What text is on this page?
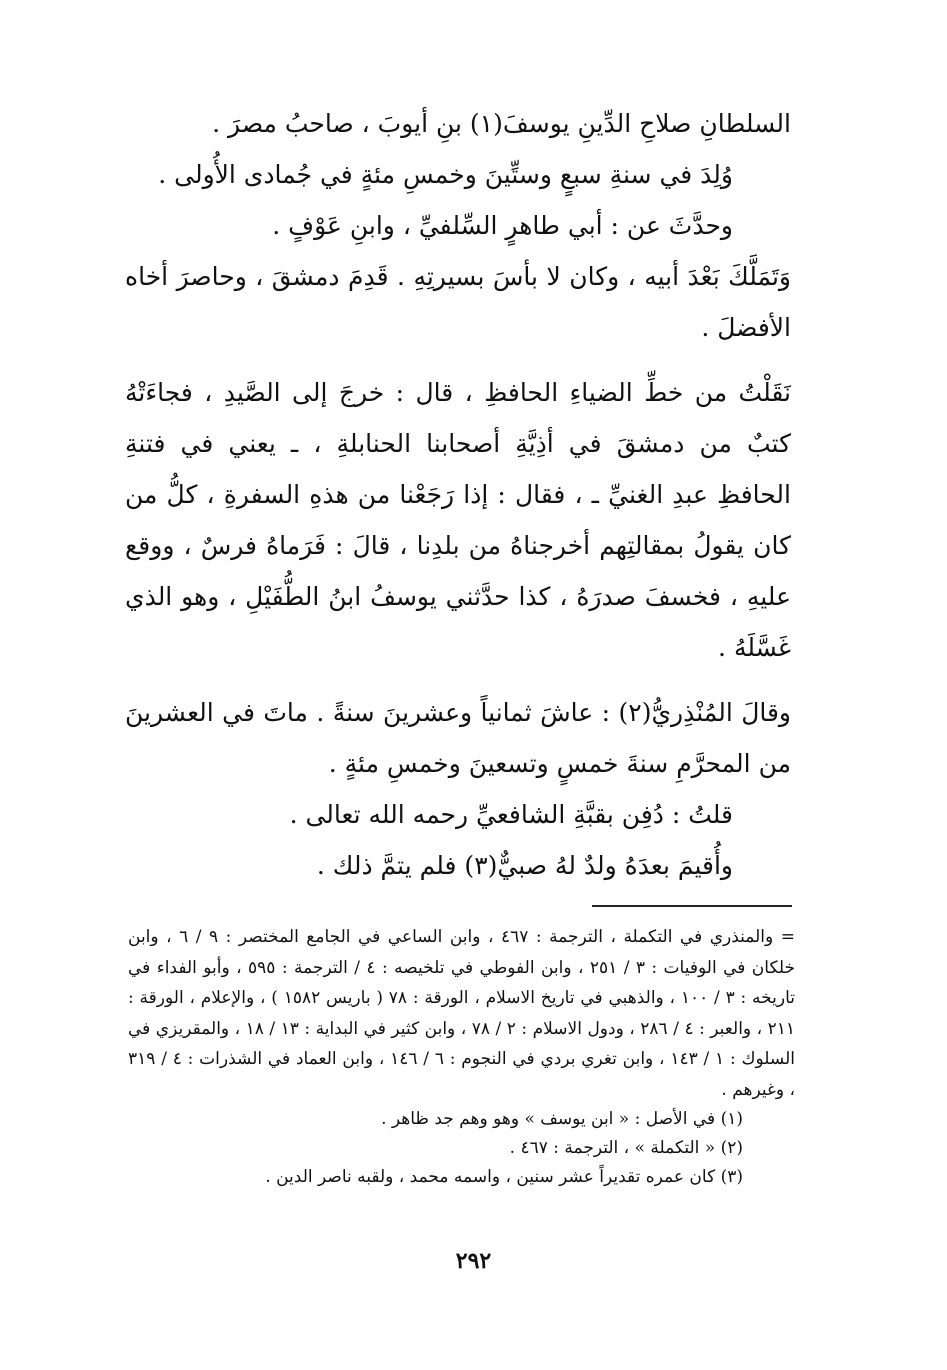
السلطانِ صلاحِ الدِّينِ يوسفَ(١) بنِ أيوبَ ، صاحبُ مصرَ .

وُلِدَ في سنةِ سبعٍ وستِّينَ وخمسِ مئةٍ في جُمادى الأُولى .

وحدَّثَ عن : أبي طاهرٍ السِّلفيِّ ، وابنِ عَوْفٍ .

وَتَمَلَّكَ بَعْدَ أبيه ، وكان لا بأسَ بسيرتِهِ . قَدِمَ دمشقَ ، وحاصرَ أخاه الأفضلَ .

نَقَلْتُ من خطِّ الضياءِ الحافظِ ، قال : خرجَ إلى الصَّيدِ ، فجاءَتْهُ كتبٌ من دمشقَ في أذِيَّةِ أصحابنا الحنابلةِ ، ـ يعني في فتنةِ الحافظِ عبدِ الغنيِّ ـ ، فقال : إذا رَجَعْنا من هذهِ السفرةِ ، كلُّ من كان يقولُ بمقالتِهم أخرجناهُ من بلدِنا ، قالَ : فَرَماهُ فرسٌ ، ووقع عليهِ ، فخسفَ صدرَهُ ، كذا حدَّثني يوسفُ ابنُ الطُّفَيْلِ ، وهو الذي غَسَّلَهُ .

وقالَ المُنْذِريُّ(٢) : عاشَ ثمانياً وعشرينَ سنةً . ماتَ في العشرينَ من المحرَّمِ سنةَ خمسٍ وتسعينَ وخمسِ مئةٍ .

قلتُ : دُفِن بقبَّةِ الشافعيِّ رحمه الله تعالى .

وأُقيمَ بعدَهُ ولدٌ لهُ صبيٌّ(٣) فلم يتمَّ ذلك .

= والمنذري في التكملة ، الترجمة : ٤٦٧ ، وابن الساعي في الجامع المختصر : ٩ / ٦ ، وابن خلكان في الوفيات : ٣ / ٢٥١ ، وابن الفوطي في تلخيصه : ٤ / الترجمة : ٥٩٥ ، وأبو الفداء في تاريخه : ٣ / ١٠٠ ، والذهبي في تاريخ الاسلام ، الورقة : ٧٨ ( باريس ١٥٨٢ ) ، والإعلام ، الورقة : ٢١١ ، والعبر : ٤ / ٢٨٦ ، ودول الاسلام : ٢ / ٧٨ ، وابن كثير في البداية : ١٣ / ١٨ ، والمقريزي في السلوك : ١ / ١٤٣ ، وابن تغري بردي في النجوم : ٦ / ١٤٦ ، وابن العماد في الشذرات : ٤ / ٣١٩ ، وغيرهم .

(١) في الأصل : « ابن يوسف » وهو وهم جد ظاهر .

(٢) « التكملة » ، الترجمة : ٤٦٧ .

(٣) كان عمره تقديراً عشر سنين ، واسمه محمد ، ولقبه ناصر الدين .

٢٩٢
